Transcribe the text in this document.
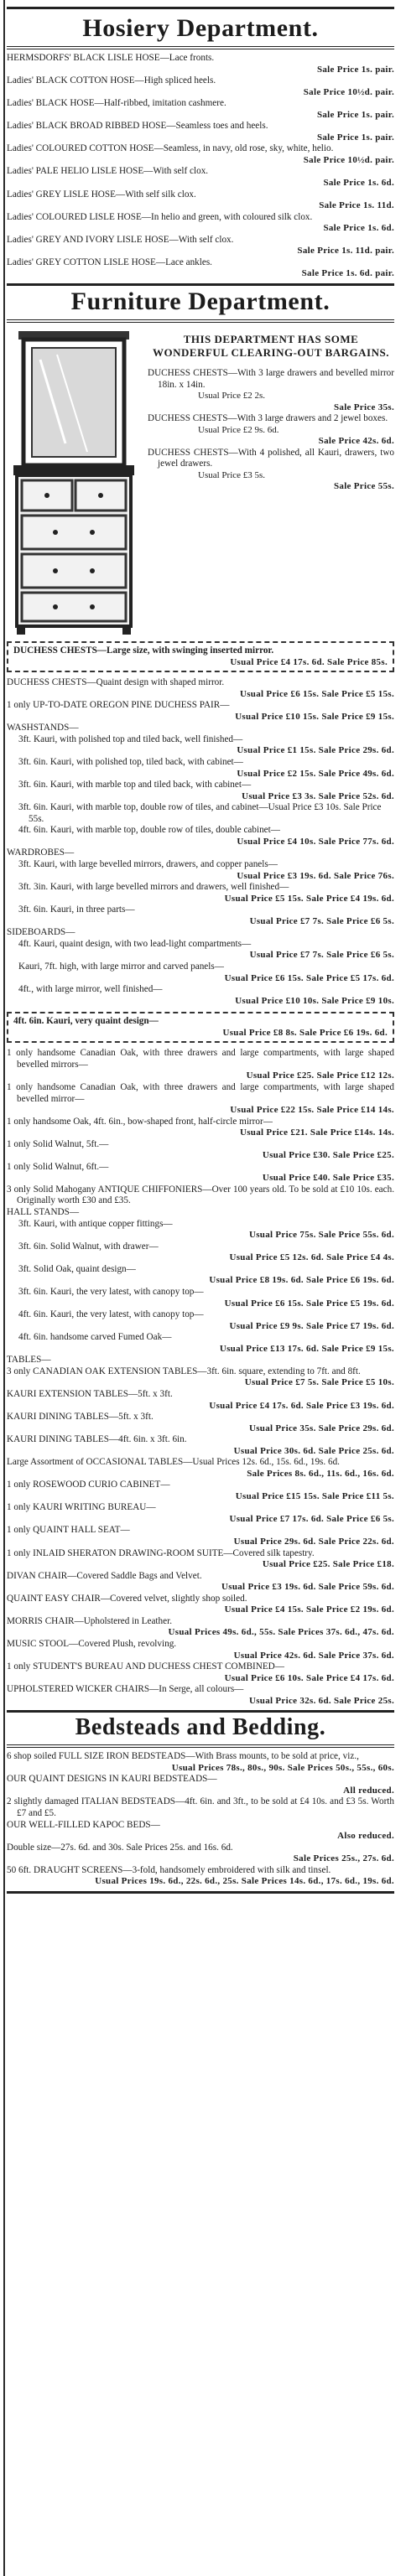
Hosiery Department.
HERMSDORFS' BLACK LISLE HOSE—Lace fronts.
Sale Price 1s. pair.
Ladies' BLACK COTTON HOSE—High spliced heels.
Sale Price 10½d. pair.
Ladies' BLACK HOSE—Half-ribbed, imitation cashmere.
Sale Price 1s. pair.
Ladies' BLACK BROAD RIBBED HOSE—Seamless toes and heels.
Sale Price 1s. pair.
Ladies' COLOURED COTTON HOSE—Seamless, in navy, old rose, sky, white, helio.
Sale Price 10½d. pair.
Ladies' PALE HELIO LISLE HOSE—With self clox.
Sale Price 1s. 6d.
Ladies' GREY LISLE HOSE—With self silk clox.
Sale Price 1s. 11d.
Ladies' COLOURED LISLE HOSE—In helio and green, with coloured silk clox.
Sale Price 1s. 6d.
Ladies' GREY AND IVORY LISLE HOSE—With self clox.
Sale Price 1s. 11d. pair.
Ladies' GREY COTTON LISLE HOSE—Lace ankles.
Sale Price 1s. 6d. pair.
Furniture Department.
THIS DEPARTMENT HAS SOME WONDERFUL CLEARING-OUT BARGAINS.
DUCHESS CHESTS—With 3 large drawers and bevelled mirror 18in. x 14in.
Usual Price £2 2s.
Sale Price 35s.
DUCHESS CHESTS—With 3 large drawers and 2 jewel boxes.
Usual Price £2 9s. 6d.
Sale Price 42s. 6d.
DUCHESS CHESTS—With 4 polished, all Kauri, drawers, two jewel drawers.
Usual Price £3 5s.
Sale Price 55s.
DUCHESS CHESTS—Large size, with swinging inserted mirror.
Usual Price £4 17s. 6d. Sale Price 85s.
DUCHESS CHESTS—Quaint design with shaped mirror.
Usual Price £6 15s. Sale Price £5 15s.
1 only UP-TO-DATE OREGON PINE DUCHESS PAIR—
Usual Price £10 15s. Sale Price £9 15s.
WASHSTANDS—
3ft. Kauri, with polished top and tiled back, well finished—
Usual Price £1 15s. Sale Price 29s. 6d.
3ft. 6in. Kauri, with polished top, tiled back, with cabinet—
Usual Price £2 15s. Sale Price 49s. 6d.
3ft. 6in. Kauri, with marble top and tiled back, with cabinet—
Usual Price £3 3s. Sale Price 52s. 6d.
3ft. 6in. Kauri, with marble top, double row of tiles, and cabinet—Usual Price £3 10s. Sale Price 55s.
4ft. 6in. Kauri, with marble top, double row of tiles, double cabinet—
Usual Price £4 10s. Sale Price 77s. 6d.
WARDROBES—
3ft. Kauri, with large bevelled mirrors, drawers, and copper panels—
Usual Price £3 19s. 6d. Sale Price 76s.
3ft. 3in. Kauri, with large bevelled mirrors and drawers, well finished—
Usual Price £5 15s. Sale Price £4 19s. 6d.
3ft. 6in. Kauri, in three parts—
Usual Price £7 7s. Sale Price £6 5s.
SIDEBOARDS—
4ft. Kauri, quaint design, with two lead-light compartments—
Usual Price £7 7s. Sale Price £6 5s.
Kauri, 7ft. high, with large mirror and carved panels—
Usual Price £6 15s. Sale Price £5 17s. 6d.
4ft., with large mirror, well finished—
Usual Price £10 10s. Sale Price £9 10s.
4ft. 6in. Kauri, very quaint design—
Usual Price £8 8s. Sale Price £6 19s. 6d.
1 only handsome Canadian Oak, with three drawers and large compartments, with large shaped bevelled mirrors—
Usual Price £25. Sale Price £12 12s.
1 only handsome Canadian Oak, with three drawers and large compartments, with large shaped bevelled mirror—
Usual Price £22 15s. Sale Price £14 14s.
1 only handsome Oak, 4ft. 6in., bow-shaped front, half-circle mirror—
Usual Price £21. Sale Price £14s. 14s.
1 only Solid Walnut, 5ft.—
Usual Price £30. Sale Price £25.
1 only Solid Walnut, 6ft.—
Usual Price £40. Sale Price £35.
3 only Solid Mahogany ANTIQUE CHIFFONIERS—Over 100 years old. To be sold at £10 10s. each. Originally worth £30 and £35.
HALL STANDS—
3ft. Kauri, with antique copper fittings—
Usual Price 75s. Sale Price 55s. 6d.
3ft. 6in. Solid Walnut, with drawer—
Usual Price £5 12s. 6d. Sale Price £4 4s.
3ft. Solid Oak, quaint design—
Usual Price £8 19s. 6d. Sale Price £6 19s. 6d.
3ft. 6in. Kauri, the very latest, with canopy top—
Usual Price £6 15s. Sale Price £5 19s. 6d.
4ft. 6in. Kauri, the very latest, with canopy top—
Usual Price £9 9s. Sale Price £7 19s. 6d.
4ft. 6in. handsome carved Fumed Oak—
Usual Price £13 17s. 6d. Sale Price £9 15s.
TABLES—
3 only CANADIAN OAK EXTENSION TABLES—3ft. 6in. square, extending to 7ft. and 8ft.
Usual Price £7 5s. Sale Price £5 10s.
KAURI EXTENSION TABLES—5ft. x 3ft.
Usual Price £4 17s. 6d. Sale Price £3 19s. 6d.
KAURI DINING TABLES—5ft. x 3ft.
Usual Price 35s. Sale Price 29s. 6d.
KAURI DINING TABLES—4ft. 6in. x 3ft. 6in.
Usual Price 30s. 6d. Sale Price 25s. 6d.
Large Assortment of OCCASIONAL TABLES—Usual Prices 12s. 6d., 15s. 6d., 19s. 6d.
Sale Prices 8s. 6d., 11s. 6d., 16s. 6d.
1 only ROSEWOOD CURIO CABINET—
Usual Price £15 15s. Sale Price £11 5s.
1 only KAURI WRITING BUREAU—
Usual Price £7 17s. 6d. Sale Price £6 5s.
1 only QUAINT HALL SEAT—
Usual Price 29s. 6d. Sale Price 22s. 6d.
1 only INLAID SHERATON DRAWING-ROOM SUITE—Covered silk tapestry.
Usual Price £25. Sale Price £18.
DIVAN CHAIR—Covered Saddle Bags and Velvet.
Usual Price £3 19s. 6d. Sale Price 59s. 6d.
QUAINT EASY CHAIR—Covered velvet, slightly shop soiled.
Usual Price £4 15s. Sale Price £2 19s. 6d.
MORRIS CHAIR—Upholstered in Leather.
Usual Prices 49s. 6d., 55s. Sale Prices 37s. 6d., 47s. 6d.
MUSIC STOOL—Covered Plush, revolving.
Usual Price 42s. 6d. Sale Price 37s. 6d.
1 only STUDENT'S BUREAU AND DUCHESS CHEST COMBINED—
Usual Price £6 10s. Sale Price £4 17s. 6d.
UPHOLSTERED WICKER CHAIRS—In Serge, all colours—
Usual Price 32s. 6d. Sale Price 25s.
Bedsteads and Bedding.
6 shop soiled FULL SIZE IRON BEDSTEADS—With Brass mounts, to be sold at price, viz.,
Usual Prices 78s., 80s., 90s. Sale Prices 50s., 55s., 60s.
OUR QUAINT DESIGNS IN KAURI BEDSTEADS—
All reduced.
2 slightly damaged ITALIAN BEDSTEADS—4ft. 6in. and 3ft., to be sold at £4 10s. and £3 5s. Worth £7 and £5.
OUR WELL-FILLED KAPOC BEDS—
Also reduced.
Double size—27s. 6d. and 30s. Sale Prices 25s. and 16s. 6d.
Sale Prices 25s., 27s. 6d.
50 6ft. DRAUGHT SCREENS—3-fold, handsomely embroidered with silk and tinsel.
Usual Prices 19s. 6d., 22s. 6d., 25s. Sale Prices 14s. 6d., 17s. 6d., 19s. 6d.
